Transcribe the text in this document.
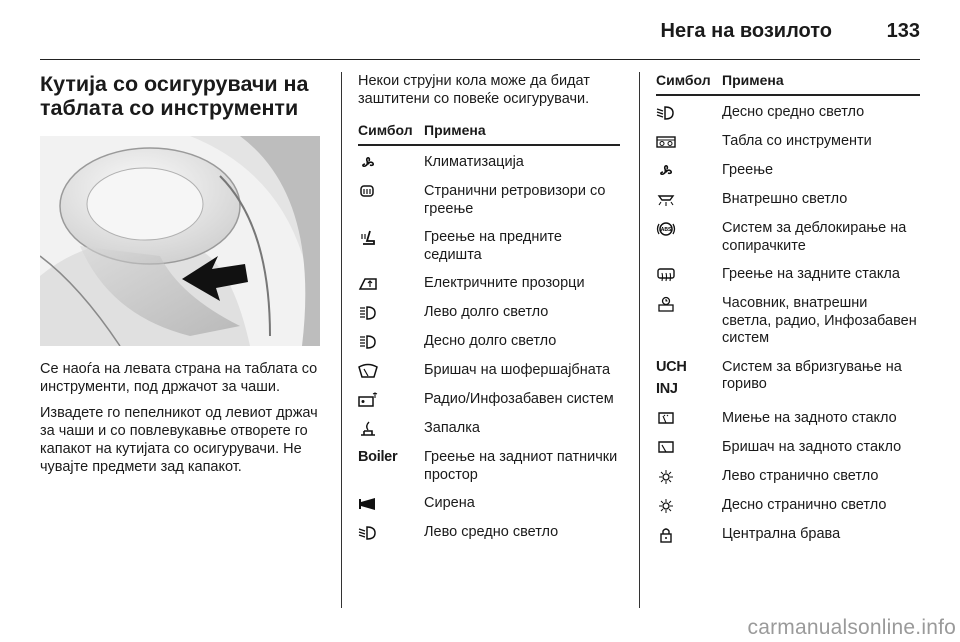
Нега на возилото	133
Кутија со осигурувачи на таблата со инструменти

Се наоѓа на левата страна на таблата со инструменти, под држачот за чаши.

Извадете го пепелникот од левиот држач за чаши и со повлевукавње отворете го капакот на кутијата со осигурувачи. Не чувајте предмети зад капакот.

Некои струјни кола може да бидат заштитени со повеќе осигурувачи.

Симбол Примена
Климатизација
Странични ретровизори со греење
Греење на предните седишта
Електричните прозорци
Лево долго светло
Десно долго светло
Бришач на шофершајбната
Радио/Инфозабавен систем
Запалка
Boiler Греење на задниот патнички простор
Сирена
Лево средно светло
Симбол Примена
Десно средно светло
Табла со инструменти
Греење
Внатрешно светло
ABS	Систем за деблокирање на сопирачките
Греење на задните стакла
Часовник, внатрешни светла, радио, Инфозабавен систем
UCH
INJ
Систем за вбризгување на гориво
Миење на задното стакло
Бришач на задното стакло
Лево странично светло
Десно странично светло
Централна брава
carmanualsonline.info
